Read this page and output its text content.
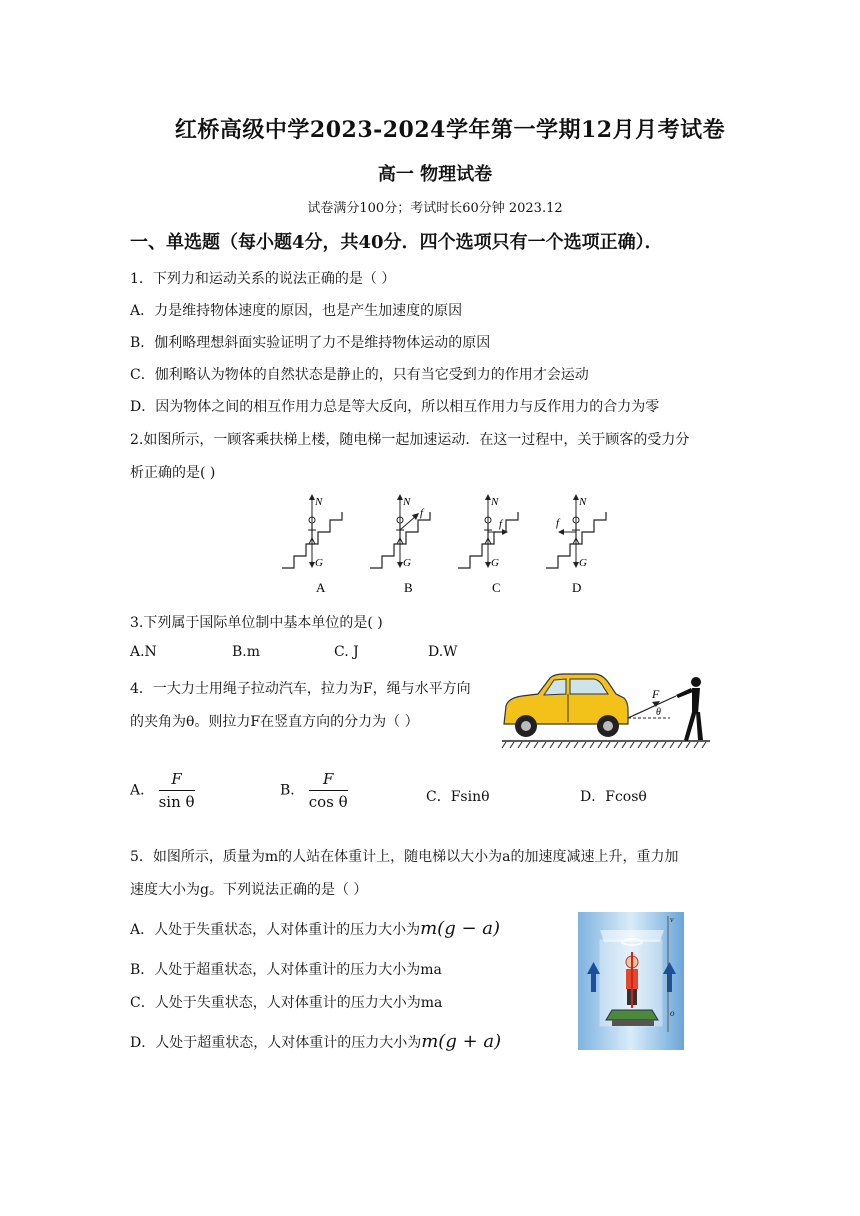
红桥高级中学2023-2024学年第一学期12月月考试卷
高一 物理试卷
试卷满分100分；考试时长60分钟 2023.12
一、单选题（每小题4分，共40分．四个选项只有一个选项正确）．
1．下列力和运动关系的说法正确的是（ ）
A．力是维持物体速度的原因，也是产生加速度的原因
B．伽利略理想斜面实验证明了力不是维持物体运动的原因
C．伽利略认为物体的自然状态是静止的，只有当它受到力的作用才会运动
D．因为物体之间的相互作用力总是等大反向，所以相互作用力与反作用力的合力为零
2.如图所示，一顾客乘扶梯上楼，随电梯一起加速运动．在这一过程中，关于顾客的受力分
析正确的是( )
N
G
A
N
f
G
B
N
f
G
C
N
f
G
D
3.下列属于国际单位制中基本单位的是( )
A.N	B.m	C. J	D.W
4．一大力士用绳子拉动汽车，拉力为F，绳与水平方向
的夹角为θ。则拉力F在竖直方向的分力为（ ）
F
θ
A． $\frac{F}{\text{sin θ}}$	B． $\frac{F}{\text{cos θ}}$	C．Fsinθ	D．Fcosθ
5．如图所示，质量为m的人站在体重计上，随电梯以大小为a的加速度减速上升，重力加
速度大小为g。下列说法正确的是（ ）
A．人处于失重状态，人对体重计的压力大小为m(g − a)
B．人处于超重状态，人对体重计的压力大小为ma
C．人处于失重状态，人对体重计的压力大小为ma
D．人处于超重状态，人对体重计的压力大小为m(g + a)
v
o
